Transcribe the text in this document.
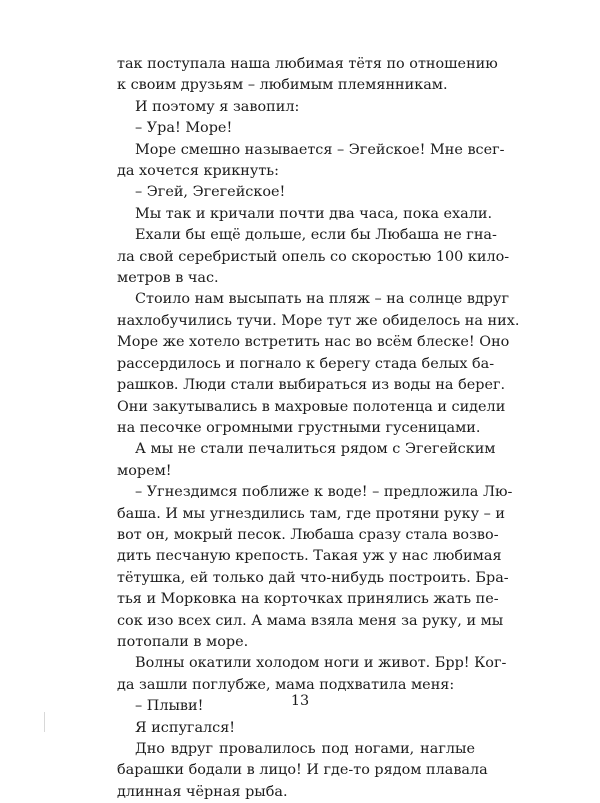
так поступала наша любимая тётя по отношению
к своим друзьям – любимым племянникам.
И поэтому я завопил:
– Ура! Море!
Море смешно называется – Эгейское! Мне всег-
да хочется крикнуть:
– Эгей, Эгегейское!
Мы так и кричали почти два часа, пока ехали.
Ехали бы ещё дольше, если бы Любаша не гна-
ла свой серебристый опель со скоростью 100 кило-
метров в час.
Стоило нам высыпать на пляж – на солнце вдруг
нахлобучились тучи. Море тут же обиделось на них.
Море же хотело встретить нас во всём блеске! Оно
рассердилось и погнало к берегу стада белых ба-
рашков. Люди стали выбираться из воды на берег.
Они закутывались в махровые полотенца и сидели
на песочке огромными грустными гусеницами.
А мы не стали печалиться рядом с Эгегейским
морем!
– Угнездимся поближе к воде! – предложила Лю-
баша. И мы угнездились там, где протяни руку – и
вот он, мокрый песок. Любаша сразу стала возво-
дить песчаную крепость. Такая уж у нас любимая
тётушка, ей только дай что-нибудь построить. Бра-
тья и Морковка на корточках принялись жать пе-
сок изо всех сил. А мама взяла меня за руку, и мы
потопали в море.
Волны окатили холодом ноги и живот. Брр! Ког-
да зашли поглубже, мама подхватила меня:
– Плыви!
Я испугался!
Дно вдруг провалилось под ногами, наглые
барашки бодали в лицо! И где-то рядом плавала
длинная чёрная рыба.
13
